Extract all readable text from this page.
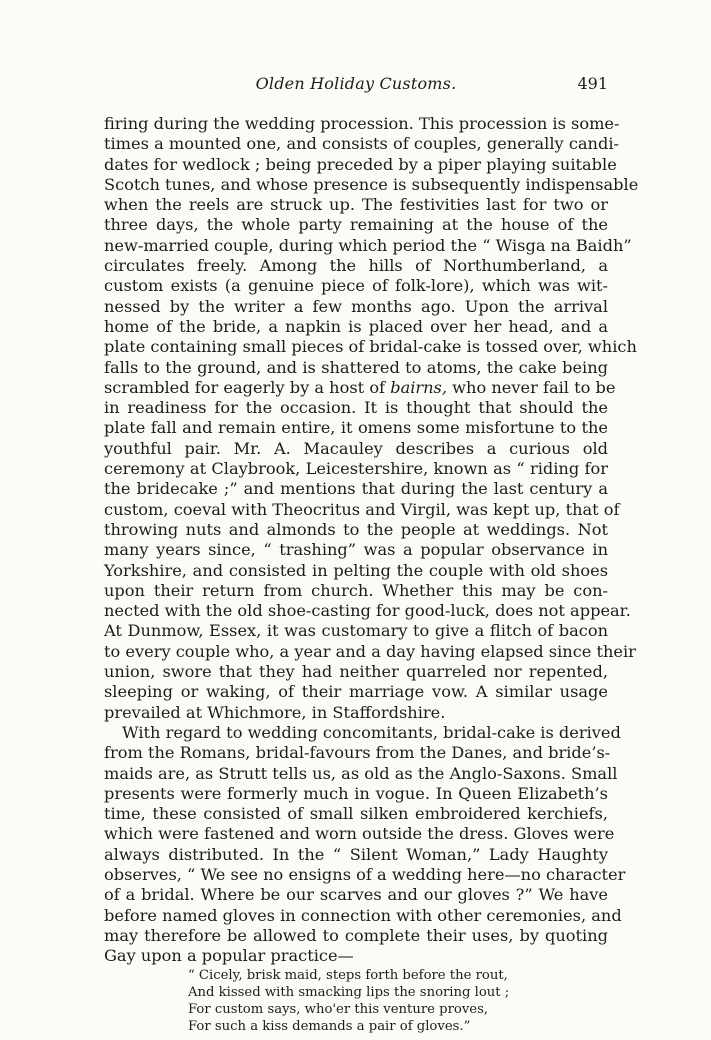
Olden Holiday Customs.	491

firing during the wedding procession. This procession is some-
times a mounted one, and consists of couples, generally candi-
dates for wedlock ; being preceded by a piper playing suitable
Scotch tunes, and whose presence is subsequently indispensable
when the reels are struck up. The festivities last for two or
three days, the whole party remaining at the house of the
new-married couple, during which period the “ Wisga na Baidh”
circulates freely. Among the hills of Northumberland, a
custom exists (a genuine piece of folk-lore), which was wit-
nessed by the writer a few months ago. Upon the arrival
home of the bride, a napkin is placed over her head, and a
plate containing small pieces of bridal-cake is tossed over, which
falls to the ground, and is shattered to atoms, the cake being
scrambled for eagerly by a host of bairns, who never fail to be
in readiness for the occasion. It is thought that should the
plate fall and remain entire, it omens some misfortune to the
youthful pair. Mr. A. Macauley describes a curious old
ceremony at Claybrook, Leicestershire, known as “ riding for
the bridecake ;” and mentions that during the last century a
custom, coeval with Theocritus and Virgil, was kept up, that of
throwing nuts and almonds to the people at weddings. Not
many years since, “ trashing” was a popular observance in
Yorkshire, and consisted in pelting the couple with old shoes
upon their return from church. Whether this may be con-
nected with the old shoe-casting for good-luck, does not appear.
At Dunmow, Essex, it was customary to give a flitch of bacon
to every couple who, a year and a day having elapsed since their
union, swore that they had neither quarreled nor repented,
sleeping or waking, of their marriage vow. A similar usage
prevailed at Whichmore, in Staffordshire.

With regard to wedding concomitants, bridal-cake is derived
from the Romans, bridal-favours from the Danes, and bride’s-
maids are, as Strutt tells us, as old as the Anglo-Saxons. Small
presents were formerly much in vogue. In Queen Elizabeth’s
time, these consisted of small silken embroidered kerchiefs,
which were fastened and worn outside the dress. Gloves were
always distributed. In the “ Silent Woman,” Lady Haughty
observes, “ We see no ensigns of a wedding here—no character
of a bridal. Where be our scarves and our gloves ?” We have
before named gloves in connection with other ceremonies, and
may therefore be allowed to complete their uses, by quoting
Gay upon a popular practice—

“ Cicely, brisk maid, steps forth before the rout,
And kissed with smacking lips the snoring lout ;
For custom says, who'er this venture proves,
For such a kiss demands a pair of gloves.”
